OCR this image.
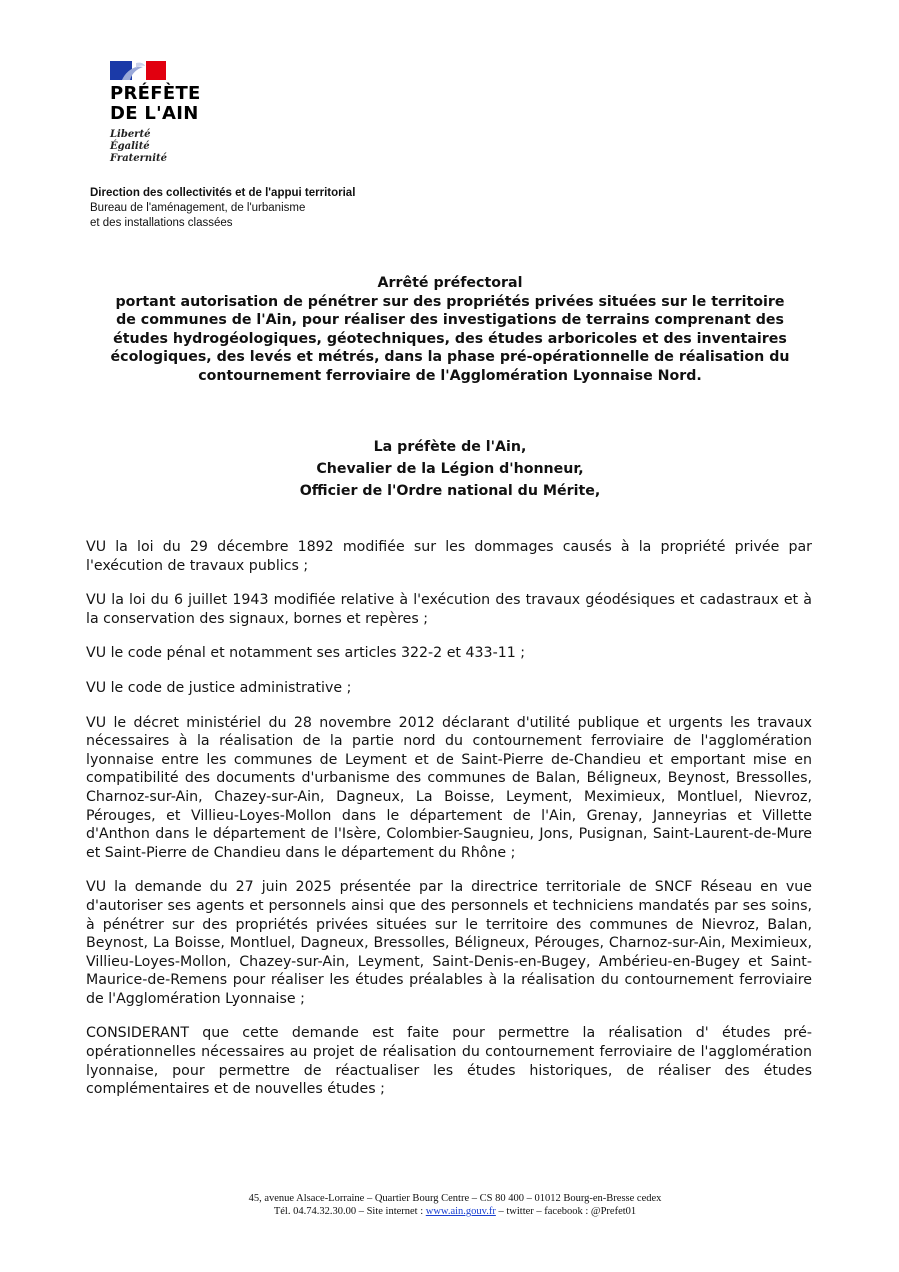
PRÉFÈTE
DE L'AIN
Liberté
Égalité
Fraternité
Direction des collectivités et de l'appui territorial
Bureau de l'aménagement, de l'urbanisme
et des installations classées
Arrêté préfectoral
portant autorisation de pénétrer sur des propriétés privées situées sur le territoire
de communes de l'Ain, pour réaliser des investigations de terrains comprenant des
études hydrogéologiques, géotechniques, des études arboricoles et des inventaires
écologiques, des levés et métrés, dans la phase pré-opérationnelle de réalisation du
contournement ferroviaire de l'Agglomération Lyonnaise Nord.
La préfète de l'Ain,
Chevalier de la Légion d'honneur,
Officier de l'Ordre national du Mérite,

VU la loi du 29 décembre 1892 modifiée sur les dommages causés à la propriété privée par l'exécution de travaux publics ;

VU la loi du 6 juillet 1943 modifiée relative à l'exécution des travaux géodésiques et cadastraux et à la conservation des signaux, bornes et repères ;

VU le code pénal et notamment ses articles 322-2 et 433-11 ;

VU le code de justice administrative ;

VU le décret ministériel du 28 novembre 2012 déclarant d'utilité publique et urgents les travaux nécessaires à la réalisation de la partie nord du contournement ferroviaire de l'agglomération lyonnaise entre les communes de Leyment et de Saint-Pierre de-Chandieu et emportant mise en compatibilité des documents d'urbanisme des communes de Balan, Béligneux, Beynost, Bressolles, Charnoz-sur-Ain, Chazey-sur-Ain, Dagneux, La Boisse, Leyment, Meximieux, Montluel, Nievroz, Pérouges, et Villieu-Loyes-Mollon dans le département de l'Ain, Grenay, Janneyrias et Villette d'Anthon dans le département de l'Isère, Colombier-Saugnieu, Jons, Pusignan, Saint-Laurent-de-Mure et Saint-Pierre de Chandieu dans le département du Rhône ;

VU la demande du 27 juin 2025 présentée par la directrice territoriale de SNCF Réseau en vue d'autoriser ses agents et personnels ainsi que des personnels et techniciens mandatés par ses soins, à pénétrer sur des propriétés privées situées sur le territoire des communes de Nievroz, Balan, Beynost, La Boisse, Montluel, Dagneux, Bressolles, Béligneux, Pérouges, Charnoz-sur-Ain, Meximieux, Villieu-Loyes-Mollon, Chazey-sur-Ain, Leyment, Saint-Denis-en-Bugey, Ambérieu-en-Bugey et Saint-Maurice-de-Remens pour réaliser les études préalables à la réalisation du contournement ferroviaire de l'Agglomération Lyonnaise ;

CONSIDERANT que cette demande est faite pour permettre la réalisation d' études pré-opérationnelles nécessaires au projet de réalisation du contournement ferroviaire de l'agglomération lyonnaise, pour permettre de réactualiser les études historiques, de réaliser des études complémentaires et de nouvelles études ;

45, avenue Alsace-Lorraine – Quartier Bourg Centre – CS 80 400 – 01012 Bourg-en-Bresse cedex
Tél. 04.74.32.30.00 – Site internet : www.ain.gouv.fr – twitter – facebook : @Prefet01
